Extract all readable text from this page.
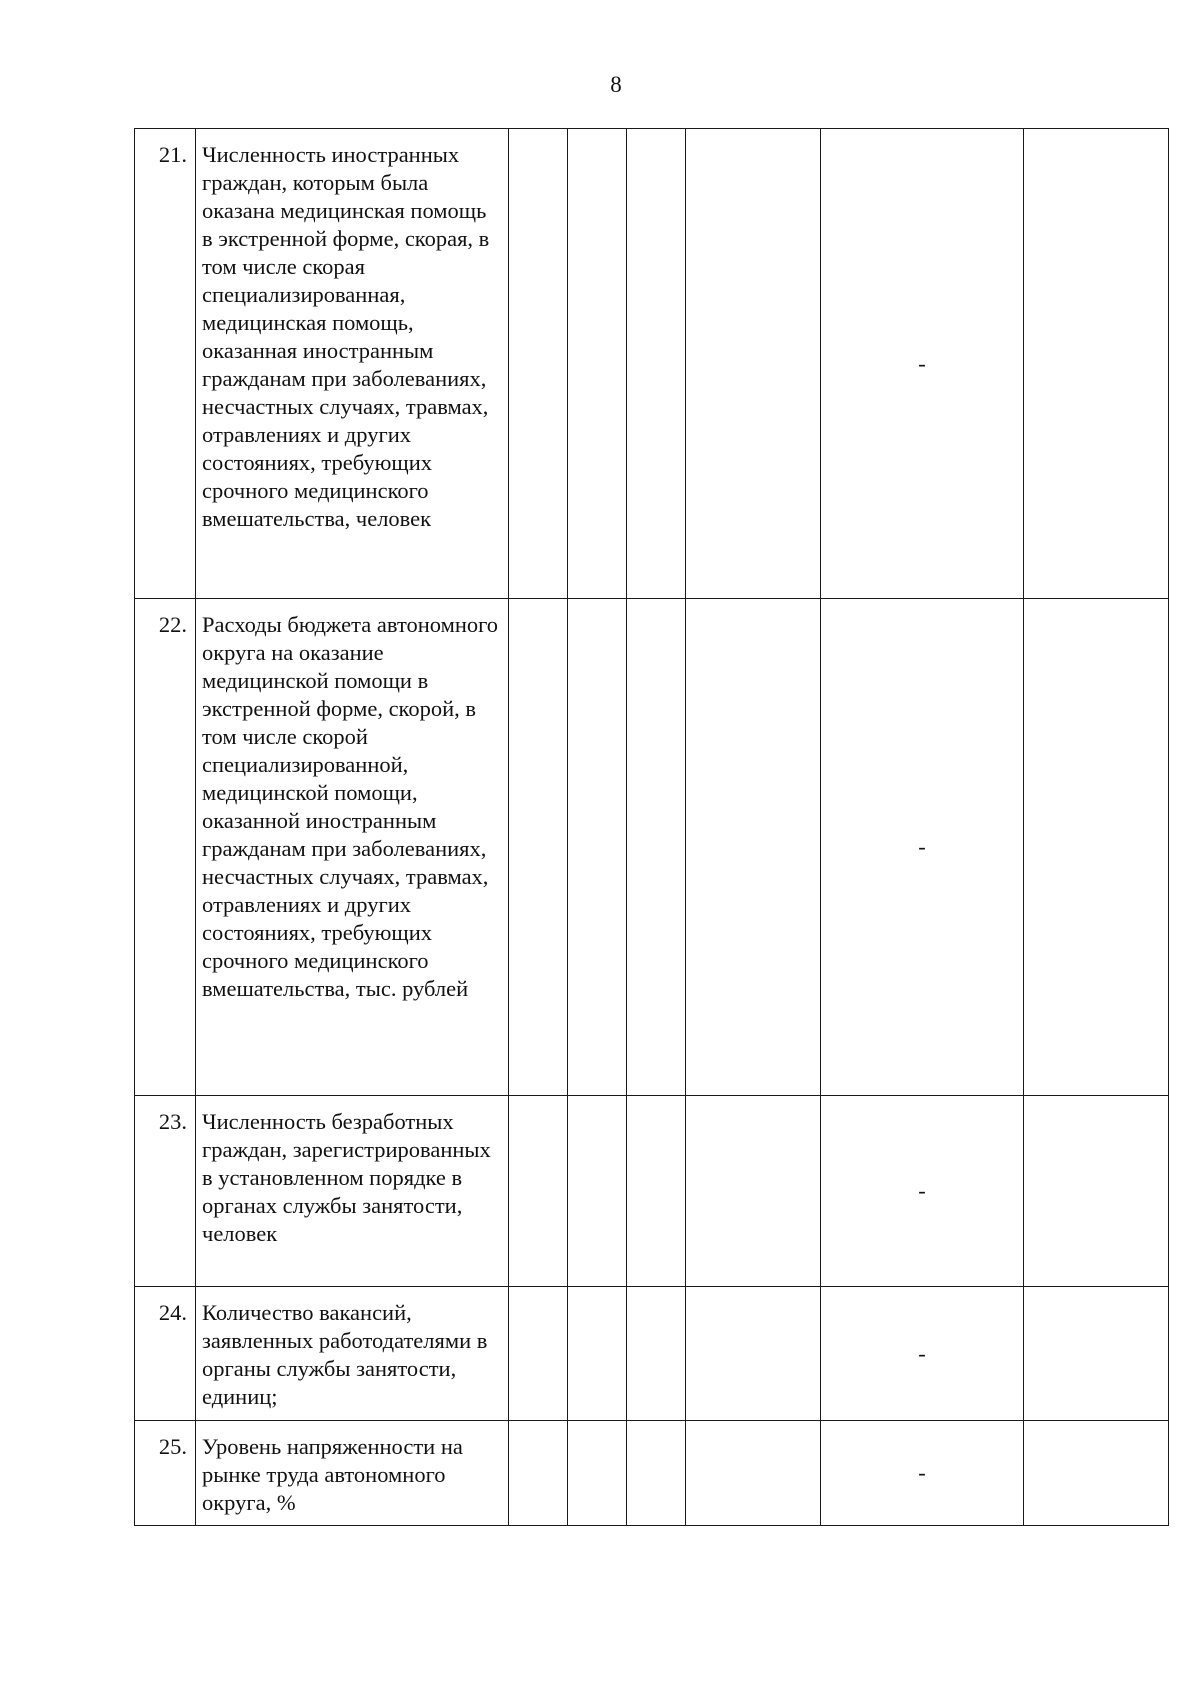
8
21.	Численность иностранных граждан, которым была оказана медицинская помощь в экстренной форме, скорая, в том числе скорая специализированная, медицинская помощь, оказанная иностранным гражданам при заболеваниях, несчастных случаях, травмах, отравлениях и других состояниях, требующих срочного медицинского вмешательства, человек					-	
22.	Расходы бюджета автономного округа на оказание медицинской помощи в экстренной форме, скорой, в том числе скорой специализированной, медицинской помощи, оказанной иностранным гражданам при заболеваниях, несчастных случаях, травмах, отравлениях и других состояниях, требующих срочного медицинского вмешательства, тыс. рублей					-	
23.	Численность безработных граждан, зарегистрированных в установленном порядке в органах службы занятости, человек					-	
24.	Количество вакансий, заявленных работодателями в органы службы занятости, единиц;					-	
25.	Уровень напряженности на рынке труда автономного округа, %					-	
